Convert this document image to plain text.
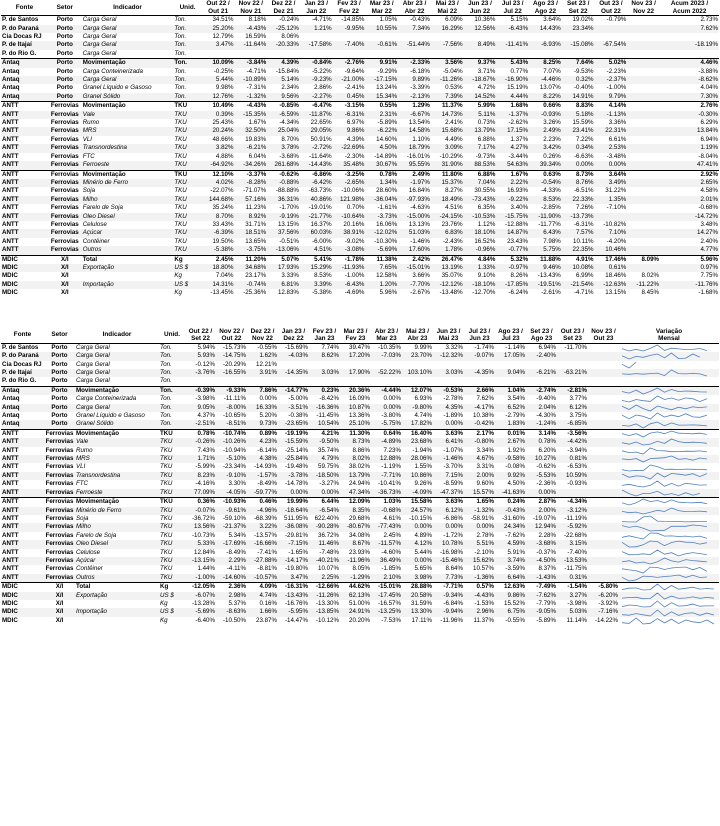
Fonte	Setor	Indicador	Unid.	Out 22 /	Nov 22 /	Dez 22 /	Jan 23 /	Fev 23 /	Mar 23 /	Abr 23 /	Mai 23 /	Jun 23 /	Jul 23 /	Ago 23 /	Set 23 /	Out 23 /	Nov 23 /	Acum 2023 /
				Out 21	Nov 21	Dez 21	Jan 22	Fev 22	Mar 22	Abr 22	Mai 22	Jun 22	Jul 22	Ago 22	Set 22	Out 22	Nov 22	Acum 2022
P. de Santos	Porto	Carga Geral	Ton.	34.51%	8.18%	-0.24%	-4.71%	-14.85%	1.05%	-0.43%	6.09%	10.36%	5.15%	3.64%	19.02%	-0.79%		2.73%
P. do Paraná	Porto	Carga Geral	Ton.	25.20%	-4.43%	-25.12%	1.21%	-9.95%	10.55%	7.34%	16.29%	12.56%	-6.43%	14.43%	23.34%			7.62%
Cia Docas RJ	Porto	Carga Geral	Ton.	12.79%	16.59%	8.06%												
P. de Itajaí	Porto	Carga Geral	Ton.	3.47%	-11.64%	-20.33%	-17.58%	-7.40%	-0.61%	-51.44%	-7.56%	8.49%	-11.41%	-6.93%	-15.08%	-67.54%		-18.19%
P. do Rio G.	Porto	Carga Geral	Ton.															
Antaq	Porto	Movimentação	Ton.	10.09%	-3.84%	4.39%	-0.84%	-2.76%	9.91%	-2.33%	3.56%	9.37%	5.43%	8.25%	7.64%	5.02%		4.46%
Antaq	Porto	Carga Conteinerizada	Ton.	-0.25%	-4.71%	-15.84%	-5.22%	-9.64%	-9.29%	-6.18%	-5.04%	3.71%	0.77%	7.07%	-9.53%	-2.23%		-3.88%
Antaq	Porto	Carga Geral	Ton.	5.44%	-10.89%	5.14%	-9.23%	-21.00%	-17.15%	9.89%	-11.26%	-18.67%	-16.90%	-4.46%	0.32%	-2.37%		-8.62%
Antaq	Porto	Granel Líquido e Gasoso	Ton.	9.98%	-7.31%	2.34%	2.86%	-2.41%	13.24%	-3.39%	0.53%	4.72%	15.19%	13.07%	-0.40%	-1.00%		4.04%
Antaq	Porto	Granel Sólido	Ton.	12.76%	-1.32%	9.56%	-2.27%	0.45%	15.34%	-2.13%	7.39%	14.52%	4.44%	8.22%	14.91%	9.79%		7.30%
ANTT	Ferrovias	Movimentação	TKU	10.49%	-4.43%	-0.85%	-6.47%	-3.15%	0.55%	1.29%	11.37%	5.99%	1.68%	0.66%	8.83%	4.14%		2.76%
ANTT	Ferrovias	Vale	TKU	0.39%	-15.35%	-6.59%	-11.87%	-6.31%	2.31%	-6.67%	14.73%	5.11%	-1.37%	-0.93%	5.18%	-1.13%		-0.30%
ANTT	Ferrovias	Rumo	TKU	25.43%	1.67%	-4.34%	22.65%	6.97%	-5.89%	13.54%	2.41%	0.73%	-2.62%	3.26%	15.59%	3.36%		6.29%
ANTT	Ferrovias	MRS	TKU	20.24%	32.50%	25.04%	29.05%	9.86%	-6.22%	14.58%	15.68%	13.79%	17.15%	2.49%	23.41%	22.31%		13.84%
ANTT	Ferrovias	VLI	TKU	48.66%	19.83%	8.70%	50.91%	4.39%	14.60%	1.10%	4.49%	6.88%	1.37%	2.23%	7.22%	6.61%		6.94%
ANTT	Ferrovias	Transnordestina	TKU	3.82%	-6.21%	3.78%	-2.72%	-22.69%	4.50%	18.79%	3.09%	7.17%	4.27%	3.42%	0.34%	2.53%		1.19%
ANTT	Ferrovias	FTC	TKU	4.88%	6.04%	-3.68%	-11.64%	-2.30%	-14.89%	-16.01%	-10.29%	-9.73%	-3.44%	0.26%	-6.63%	-3.48%		-8.04%
ANTT	Ferrovias	Ferroeste	TKU	-64.92%	-34.26%	261.68%	-14.43%	35.48%	30.67%	95.55%	31.90%	88.53%	54.63%	39.34%	0.00%	0.00%		47.41%
ANTT	Ferrovias	Movimentação	TKU	12.10%	-3.37%	-0.62%	-6.86%	-3.25%	0.78%	2.49%	11.80%	6.88%	1.67%	0.63%	8.73%	3.64%		2.92%
ANTT	Ferrovias	Minério de Ferro	TKU	4.02%	-8.28%	-0.88%	-6.42%	-2.65%	1.34%	-1.97%	15.37%	7.04%	2.22%	-0.54%	8.76%	3.49%		2.65%
ANTT	Ferrovias	Soja	TKU	-22.07%	-71.07%	-88.88%	-63.73%	-10.06%	28.60%	16.84%	8.27%	30.55%	16.93%	-4.33%	-6.51%	31.22%		4.58%
ANTT	Ferrovias	Milho	TKU	144.68%	57.16%	36.31%	40.86%	121.98%	-36.04%	-97.93%	18.49%	-73.43%	-9.22%	8.53%	22.33%	1.35%		2.01%
ANTT	Ferrovias	Farelo de Soja	TKU	35.24%	11.23%	-1.70%	-19.01%	0.70%	-1.61%	-4.63%	4.51%	6.35%	3.40%	-2.85%	7.26%	-7.10%		-0.68%
ANTT	Ferrovias	Óleo Diesel	TKU	8.70%	8.92%	-9.19%	-21.77%	-10.64%	-3.73%	-15.00%	-24.15%	-10.53%	-15.75%	-11.90%	-13.73%			-14.72%
ANTT	Ferrovias	Celulose	TKU	33.43%	31.71%	13.15%	16.37%	20.16%	16.06%	13.13%	23.76%	1.12%	-12.88%	-11.77%	-6.31%	-10.82%		3.48%
ANTT	Ferrovias	Açúcar	TKU	-6.39%	18.51%	37.56%	60.03%	38.91%	-12.02%	51.03%	6.83%	18.10%	14.87%	6.43%	7.57%	7.10%		14.27%
ANTT	Ferrovias	Contêiner	TKU	19.50%	13.65%	-0.51%	-6.00%	-9.02%	-10.30%	-1.46%	-2.43%	16.52%	23.43%	7.98%	10.11%	-4.20%		2.40%
ANTT	Ferrovias	Outros	TKU	-5.38%	-3.75%	-13.06%	4.51%	-3.08%	-5.69%	17.60%	1.78%	-0.96%	-0.77%	5.75%	22.35%	10.46%		4.77%
MDIC	X/I	Total	Kg	2.45%	11.20%	5.07%	5.41%	-1.78%	11.38%	2.42%	26.47%	4.84%	5.32%	11.88%	4.91%	17.46%	8.09%	5.96%
MDIC	X/I	Exportação	US $	18.80%	34.68%	17.93%	15.29%	-11.93%	7.65%	-15.01%	13.19%	1.33%	-0.97%	9.46%	10.08%	0.61%		0.97%
MDIC	X/I		Kg	7.04%	23.17%	3.33%	8.53%	-1.00%	12.58%	3.66%	35.07%	9.10%	8.26%	-13.43%	6.99%	18.46%	8.02%	7.75%
MDIC	X/I	Importação	US $	14.31%	-0.74%	6.81%	3.39%	-6.43%	1.20%	-7.70%	-12.12%	-18.10%	-17.85%	-19.51%	-21.54%	-12.63%	-11.22%	-11.76%
MDIC	X/I		Kg	-13.45%	-25.36%	12.83%	-5.38%	-4.69%	5.96%	-2.67%	-13.48%	-12.70%	-6.24%	-2.61%	-4.71%	13.15%	8.45%	-1.68%
Fonte	Setor	Indicador	Unid.	Out 22 /	Nov 22 /	Dez 22 /	Jan 23 /	Fev 23 /	Mar 23 /	Abr 23 /	Mai 23 /	Jun 23 /	Jul 23 /	Ago 23 /	Set 23 /	Out 23 /	Nov 23 /	Variação
				Set 22	Out 22	Nov 22	Dez 22	Jan 23	Fev 23	Mar 23	Abr 23	Mai 23	Jun 23	Jul 23	Ago 23	Set 23	Out 23	Mensal
P. de Santos	Porto	Carga Geral	Ton.	5.94%	-15.73%	-0.55%	-15.69%	7.74%	39.47%	-10.35%	9.99%	3.32%	-1.74%	-1.14%	6.94%	-11.70%		

P. do Paraná	Porto	Carga Geral	Ton.	5.93%	-14.75%	1.62%	-4.03%	8.62%	17.20%	-7.03%	23.70%	-12.32%	-9.07%	17.05%	-2.40%			

Cia Docas RJ	Porto	Carga Geral	Ton.	-0.12%	-20.29%	12.21%												

P. de Itajaí	Porto	Carga Geral	Ton.	-3.76%	-16.55%	3.91%	-14.35%	3.03%	17.90%	-52.22%	103.10%	3.03%	-4.35%	9.04%	-6.21%	-63.21%		

P. do Rio G.	Porto	Carga Geral	Ton.															

Antaq	Porto	Movimentação	Ton.	-0.39%	-9.33%	7.86%	-14.77%	0.23%	20.36%	-4.44%	12.07%	-0.53%	2.66%	1.04%	-2.74%	-2.81%		

Antaq	Porto	Carga Conteinerizada	Ton.	-3.98%	-11.11%	0.00%	-5.00%	-8.42%	16.09%	0.00%	6.93%	-2.78%	7.62%	3.54%	-9.40%	3.77%		

Antaq	Porto	Carga Geral	Ton.	9.05%	-8.00%	16.33%	-3.51%	-16.36%	10.87%	0.00%	-9.80%	4.35%	-4.17%	6.52%	2.04%	6.12%		

Antaq	Porto	Granel Líquido e Gasoso	Ton.	4.37%	-10.65%	5.20%	-0.38%	-11.45%	13.36%	-3.80%	4.74%	-1.89%	10.38%	-2.79%	-4.30%	3.75%		

Antaq	Porto	Granel Sólido	Ton.	-2.51%	-8.51%	9.73%	-23.65%	10.54%	25.10%	-5.75%	17.82%	0.00%	-0.42%	1.83%	-1.24%	-6.85%		

ANTT	Ferrovias	Movimentação	TKU	0.78%	-10.74%	0.89%	-19.19%	4.21%	11.30%	0.64%	16.40%	3.63%	2.17%	0.01%	3.14%	-3.56%		

ANTT	Ferrovias	Vale	TKU	-0.26%	-10.26%	4.23%	-15.59%	-9.50%	8.73%	-4.89%	23.68%	6.41%	-0.80%	2.67%	0.78%	-4.42%		

ANTT	Ferrovias	Rumo	TKU	7.43%	-10.94%	-6.14%	-25.14%	35.74%	8.86%	7.23%	-1.94%	-1.07%	3.34%	1.92%	6.20%	-3.94%		

ANTT	Ferrovias	MRS	TKU	1.71%	-5.10%	4.38%	-25.84%	4.79%	8.02%	12.88%	28.06%	-1.46%	4.67%	-9.58%	10.27%	0.81%		

ANTT	Ferrovias	VLI	TKU	-5.99%	-23.34%	-14.93%	-19.48%	59.75%	38.02%	-1.19%	1.55%	-3.70%	3.31%	-0.08%	-0.62%	-6.53%		

ANTT	Ferrovias	Transnordestina	TKU	8.23%	-9.10%	-1.57%	-3.78%	-18.50%	13.79%	-7.71%	10.86%	7.15%	2.00%	9.92%	-5.53%	10.59%		

ANTT	Ferrovias	FTC	TKU	-4.16%	3.30%	-8.49%	-14.78%	-3.27%	24.94%	-10.41%	9.26%	-8.59%	9.60%	4.50%	-2.36%	-0.93%		

ANTT	Ferrovias	Ferroeste	TKU	77.09%	-4.05%	-59.77%	0.00%	0.00%	47.34%	-36.73%	-4.09%	-47.37%	15.57%	-41.63%	0.00%			

ANTT	Ferrovias	Movimentação	TKU	0.36%	-10.93%	0.46%	19.99%	6.44%	12.09%	1.03%	15.58%	3.63%	1.65%	0.24%	2.87%	-4.34%		

ANTT	Ferrovias	Minério de Ferro	TKU	-0.07%	-9.61%	-4.96%	-18.64%	-6.54%	8.35%	-0.68%	24.57%	6.12%	-1.32%	-0.43%	2.00%	-3.12%		

ANTT	Ferrovias	Soja	TKU	-36.72%	-59.10%	-68.39%	511.95%	622.40%	29.68%	4.61%	-10.15%	-6.86%	-58.91%	-31.60%	-19.07%	-11.19%		

ANTT	Ferrovias	Milho	TKU	13.56%	-21.37%	3.22%	-36.08%	-90.28%	-80.67%	-77.43%	0.00%	0.00%	0.00%	24.34%	12.94%	-5.92%		

ANTT	Ferrovias	Farelo de Soja	TKU	-10.73%	5.34%	-13.57%	-29.81%	36.72%	34.08%	2.45%	4.89%	-1.72%	2.78%	-7.62%	2.28%	-22.68%		

ANTT	Ferrovias	Óleo Diesel	TKU	5.33%	-17.69%	-16.66%	-7.15%	11.46%	8.67%	-11.57%	4.12%	10.78%	5.51%	4.59%	-3.68%	3.15%		

ANTT	Ferrovias	Celulose	TKU	12.84%	-8.49%	-7.41%	-1.65%	-7.48%	23.93%	-4.60%	5.44%	-16.98%	-2.10%	5.91%	-0.37%	-7.40%		

ANTT	Ferrovias	Açúcar	TKU	-13.15%	2.29%	-27.88%	-14.17%	-40.21%	-11.96%	36.49%	0.00%	-15.46%	15.62%	3.74%	-4.50%	-13.53%		

ANTT	Ferrovias	Contêiner	TKU	1.44%	-4.11%	-8.81%	-19.80%	10.07%	8.05%	-1.85%	5.65%	8.64%	10.57%	-3.59%	8.37%	-11.75%		

ANTT	Ferrovias	Outros	TKU	-1.00%	-14.60%	-10.57%	3.47%	2.25%	-1.29%	2.10%	3.98%	7.73%	-1.36%	6.64%	-1.43%	0.31%		

MDIC	X/I	Total	Kg	-12.05%	2.36%	4.09%	-16.31%	-12.66%	44.62%	-15.01%	28.88%	-7.71%	0.57%	12.63%	-7.49%	-1.54%	-5.80%	

MDIC	X/I	Exportação	US $	-6.07%	2.98%	4.74%	-13.43%	-11.26%	62.13%	-17.45%	20.58%	-9.34%	-4.43%	9.86%	-7.62%	3.27%	-6.20%	

MDIC	X/I		Kg	-13.28%	5.37%	0.16%	-16.76%	-13.30%	51.00%	-16.57%	31.59%	-6.84%	-1.53%	15.52%	-7.79%	-3.98%	-3.92%	

MDIC	X/I	Importação	US $	-5.69%	-8.63%	1.66%	-5.95%	-13.85%	24.91%	-13.25%	13.30%	-9.94%	2.96%	6.75%	-9.05%	5.03%	-7.16%	

MDIC	X/I		Kg	-6.40%	-10.50%	23.87%	-14.47%	-10.12%	20.20%	-7.53%	17.11%	-11.96%	11.37%	-0.55%	-5.89%	11.14%	-14.22%	
